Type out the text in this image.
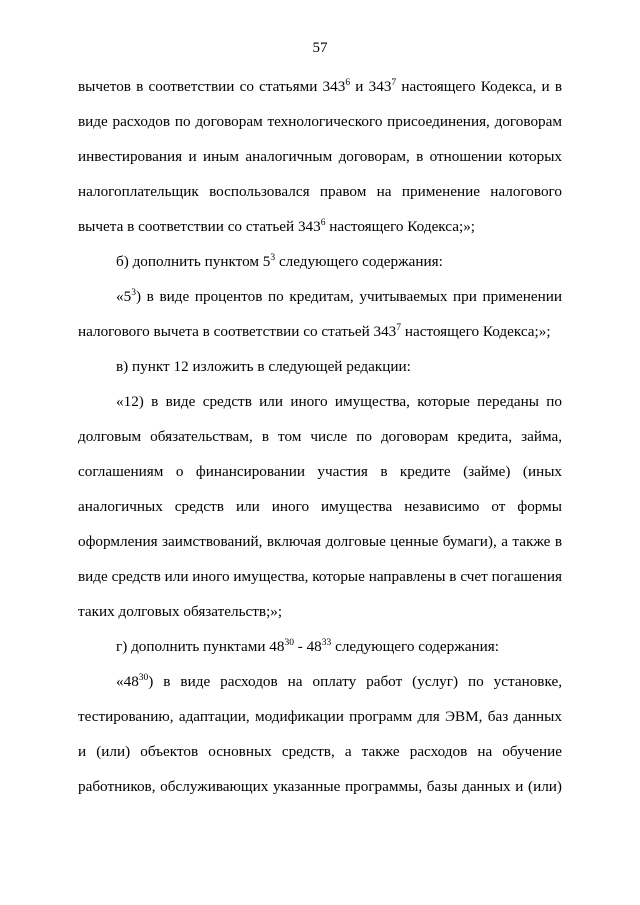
57
вычетов в соответствии со статьями $343^6$ и $343^7$ настоящего Кодекса, и в
виде расходов по договорам технологического присоединения, договорам
инвестирования и иным аналогичным договорам, в отношении которых
налогоплательщик воспользовался правом на применение налогового
вычета в соответствии со статьей $343^6$ настоящего Кодекса;»;
б) дополнить пунктом $5^3$ следующего содержания:
«$5^3$) в виде процентов по кредитам, учитываемых при применении
налогового вычета в соответствии со статьей $343^7$ настоящего Кодекса;»;
в) пункт 12 изложить в следующей редакции:
«12) в виде средств или иного имущества, которые переданы по
долговым обязательствам, в том числе по договорам кредита, займа,
соглашениям о финансировании участия в кредите (займе) (иных
аналогичных средств или иного имущества независимо от формы
оформления заимствований, включая долговые ценные бумаги), а также в
виде средств или иного имущества, которые направлены в счет погашения
таких долговых обязательств;»;
г) дополнить пунктами $48^{30} - 48^{33}$ следующего содержания:
«$48^{30}$) в виде расходов на оплату работ (услуг) по установке,
тестированию, адаптации, модификации программ для ЭВМ, баз данных
и (или) объектов основных средств, а также расходов на обучение
работников, обслуживающих указанные программы, базы данных и (или)
